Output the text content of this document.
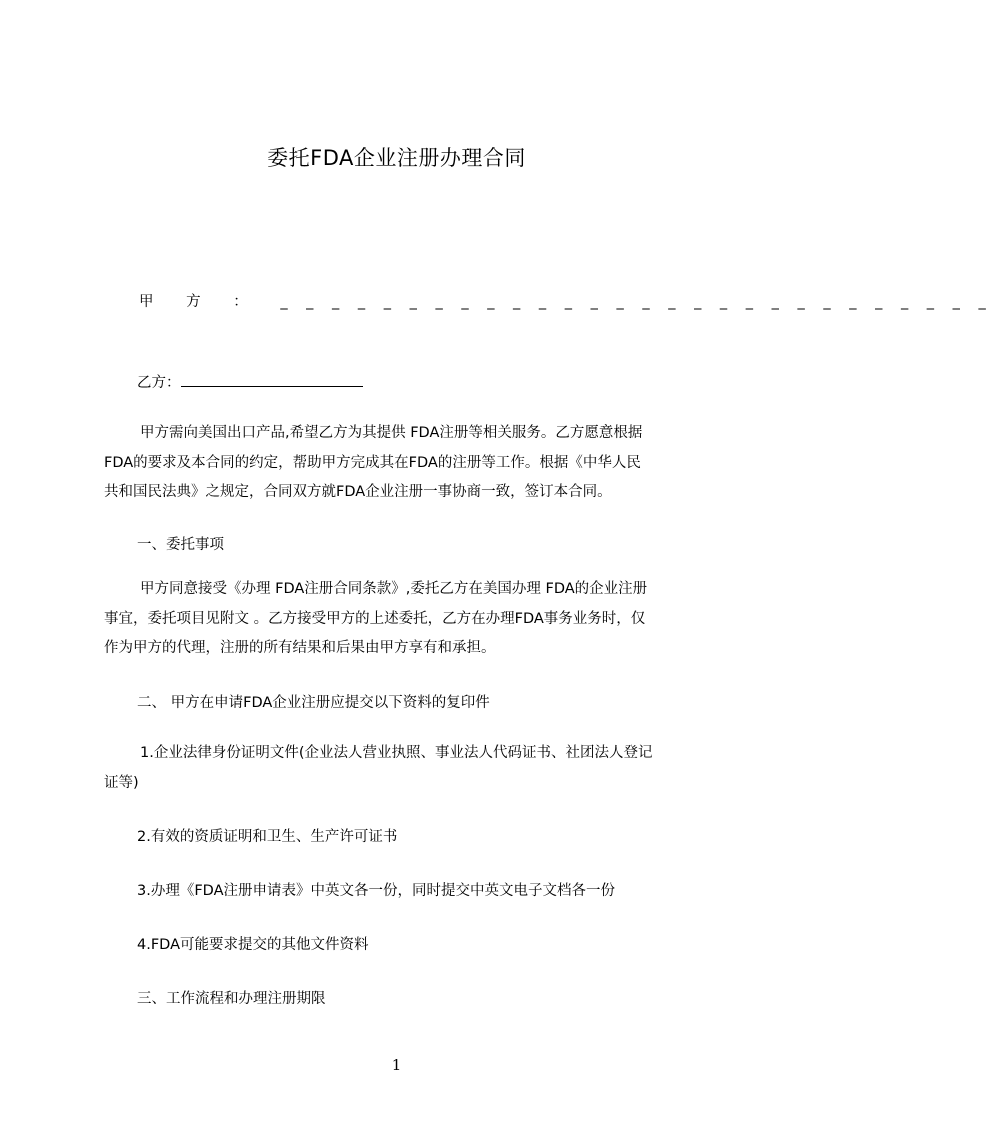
委托FDA企业注册办理合同
甲 方 ： _ _ _ _ _ _ _ _ _ _ _ _ _ _ _ _ _ _ _ _ _ _ _ _ _ _ _ _
乙方：
甲方需向美国出口产品,希望乙方为其提供 FDA注册等相关服务。乙方愿意根据
FDA的要求及本合同的约定，帮助甲方完成其在FDA的注册等工作。根据《中华人民
共和国民法典》之规定，合同双方就FDA企业注册一事协商一致，签订本合同。
一、委托事项
甲方同意接受《办理 FDA注册合同条款》,委托乙方在美国办理 FDA的企业注册
事宜，委托项目见附文 。乙方接受甲方的上述委托，乙方在办理FDA事务业务时，仅
作为甲方的代理，注册的所有结果和后果由甲方享有和承担。
二、 甲方在申请FDA企业注册应提交以下资料的复印件
1.企业法律身份证明文件(企业法人营业执照、事业法人代码证书、社团法人登记
证等)
2.有效的资质证明和卫生、生产许可证书
3.办理《FDA注册申请表》中英文各一份，同时提交中英文电子文档各一份
4.FDA可能要求提交的其他文件资料
三、工作流程和办理注册期限
1
